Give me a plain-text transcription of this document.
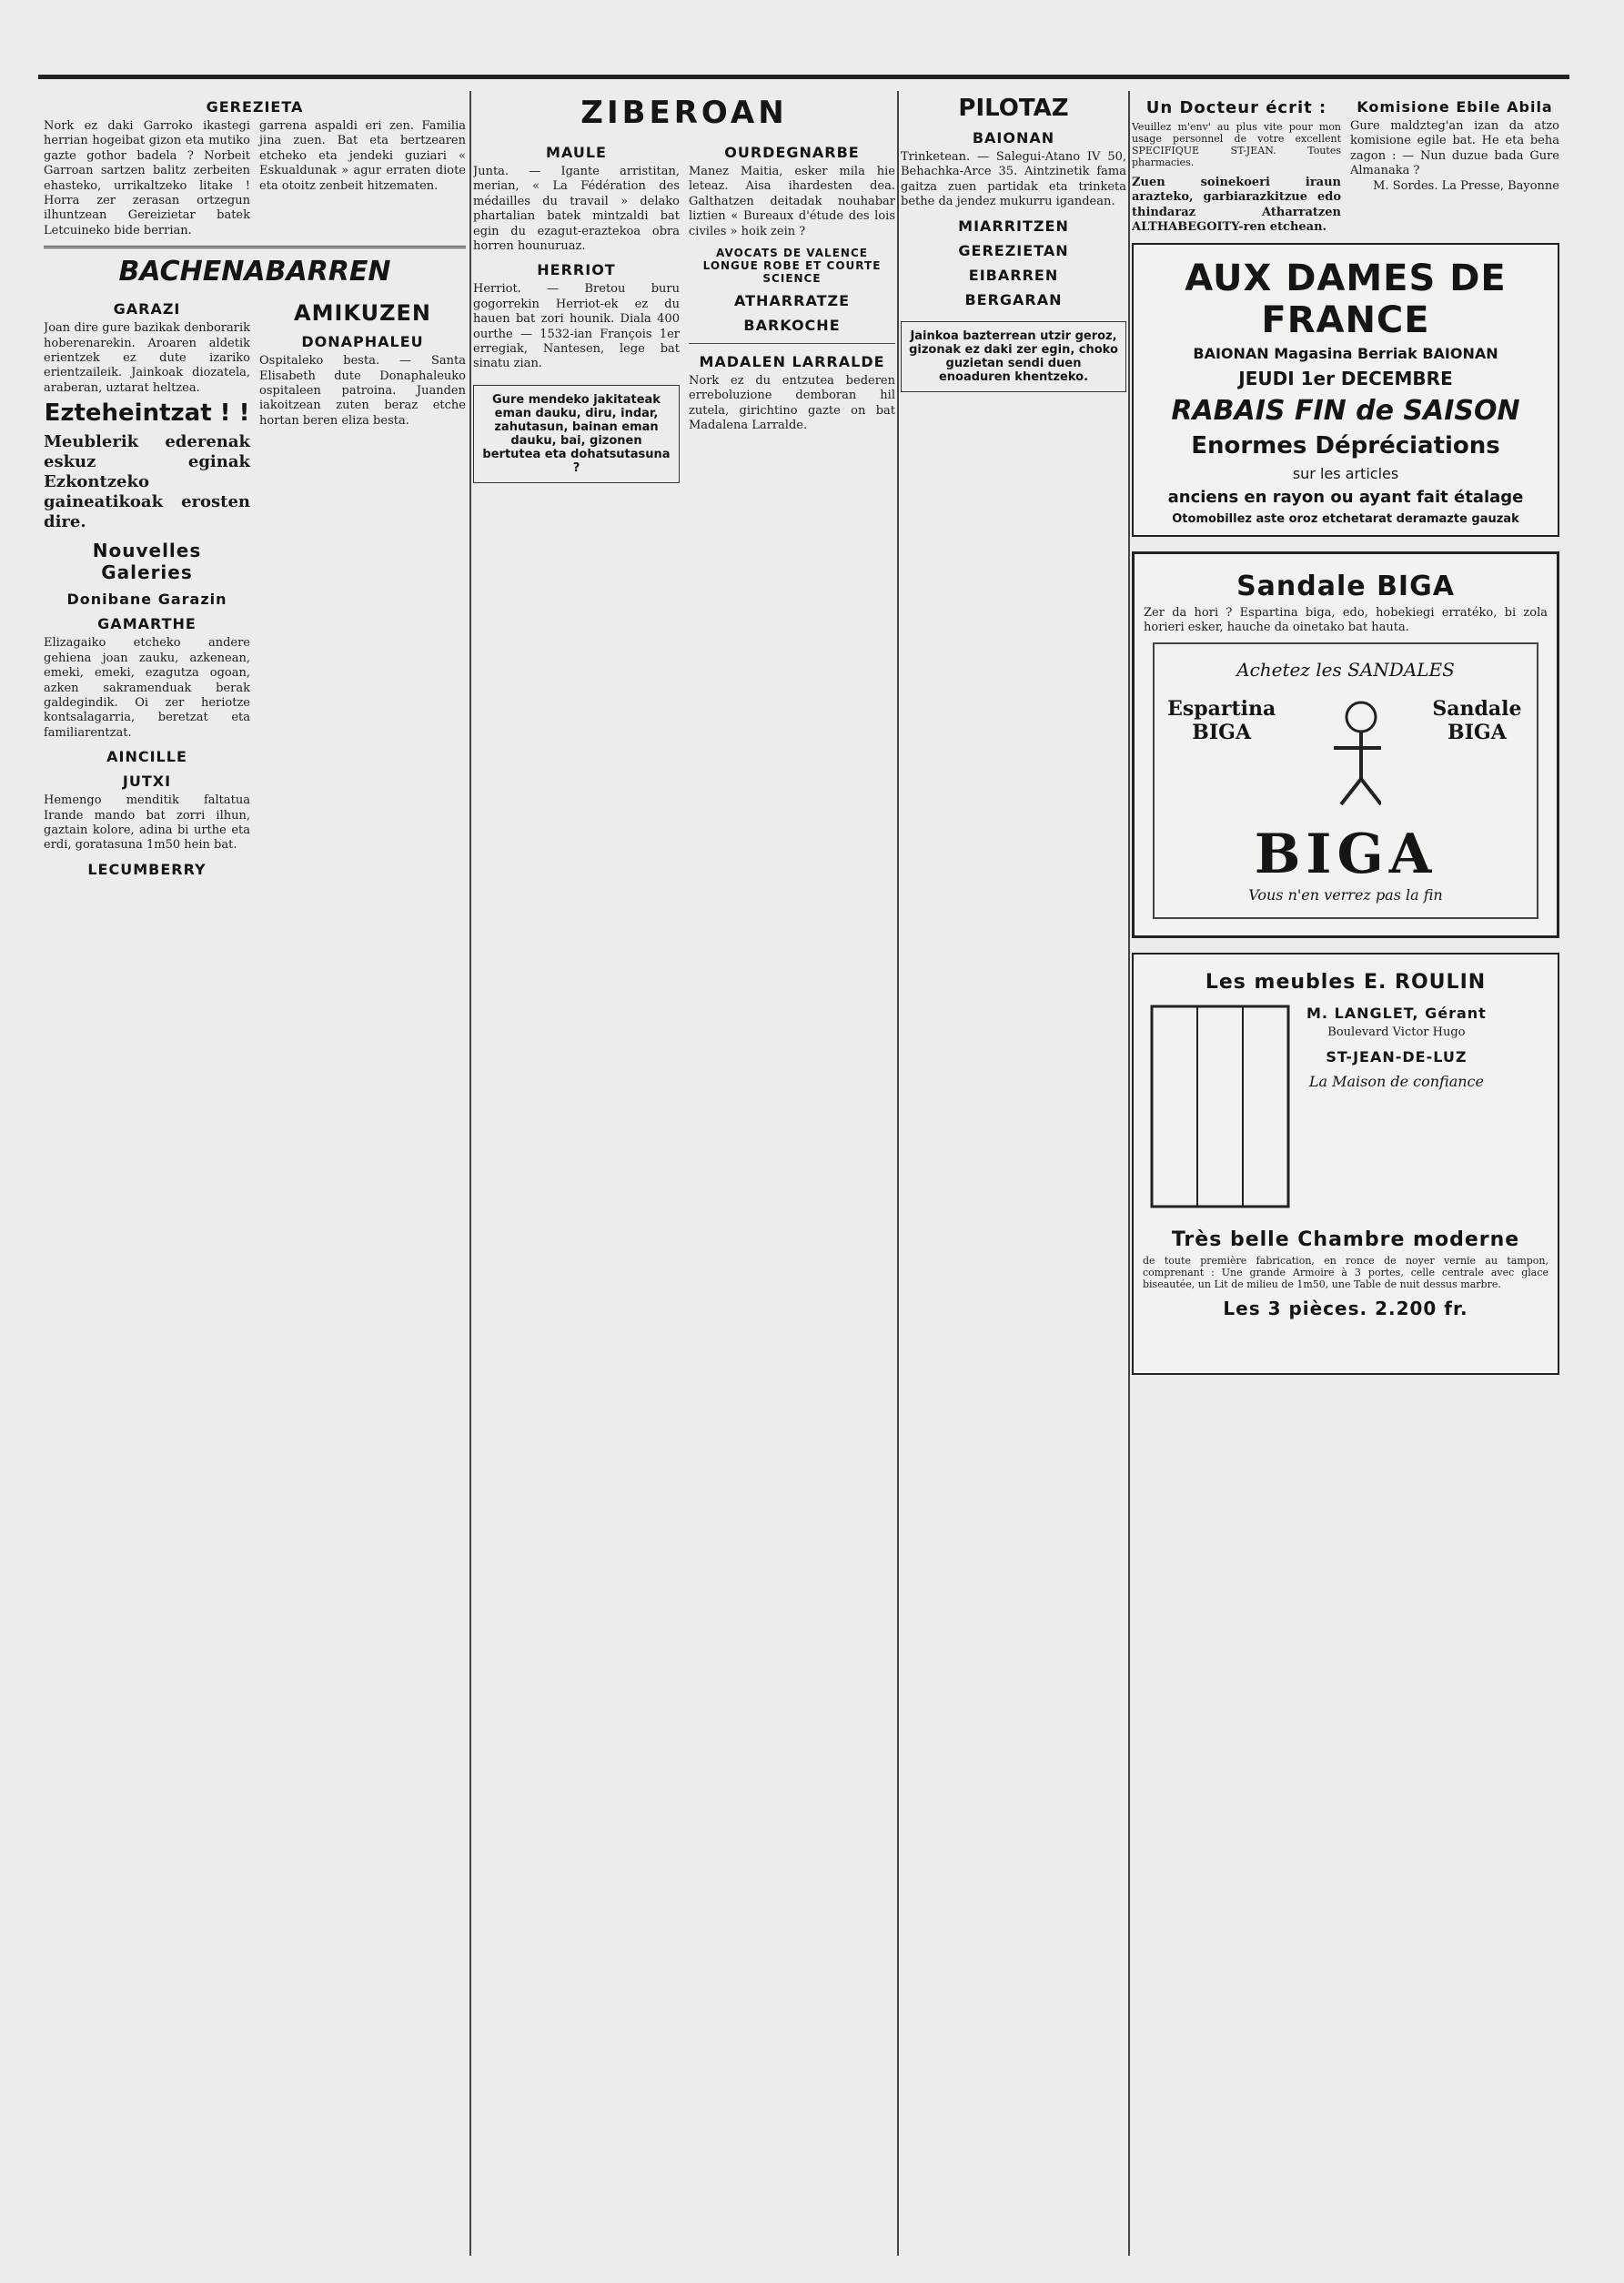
GEREZIETA
Nork ez daki Garroko ikastegi herrian hogeibat gizon eta mutiko gazte gothor badela ? Norbeit Garroan sartzen balitz zerbeiten ehasteko, urrikaltzeko litake ! Horra zer zerasan ortzegun ilhuntzean Gereizietar batek Letcuineko bide berrian.
garrena aspaldi eri zen. Familia jina zuen. Bat eta bertzearen etcheko eta jendeki guziari « Eskualdunak » agur erraten diote eta otoitz zenbeit hitzematen.
BACHENABARREN
GARAZI
Joan dire gure bazikak denborarik hoberenarekin. Aroaren aldetik erientzek ez dute izariko erientzaileik. Jainkoak diozatela, araberan, uztarat heltzea.
Ezteheintzat ! !
Meublerik ederenak eskuz eginak Ezkontzeko gaineatikoak erosten dire.
Nouvelles Galeries
Donibane Garazin
GAMARTHE
Elizagaiko etcheko andere gehiena joan zauku, azkenean, emeki, emeki, ezagutza ogoan, azken sakramenduak berak galdegindik. Oi zer heriotze kontsalagarria, beretzat eta familiarentzat.
AINCILLE
JUTXI
Hemengo menditik faltatua Irande mando bat zorri ilhun, gaztain kolore, adina bi urthe eta erdi, goratasuna 1m50 hein bat.
LECUMBERRY
AMIKUZEN
DONAPHALEU
Ospitaleko besta. — Santa Elisabeth dute Donaphaleuko ospitaleen patroina. Juanden iakoitzean zuten beraz etche hortan beren eliza besta.
ZIBEROAN
MAULE
Junta. — Igante arristitan, merian, « La Fédération des médailles du travail » delako phartalian batek mintzaldi bat egin du ezagut-eraztekoa obra horren hounuruaz.
HERRIOT
Herriot. — Bretou buru gogorrekin Herriot-ek ez du hauen bat zori hounik. Diala 400 ourthe — 1532-ian François 1er erregiak, Nantesen, lege bat sinatu zian.
Gure mendeko jakitateak eman dauku, diru, indar, zahutasun, bainan eman dauku, bai, gizonen bertutea eta dohatsutasuna ?
OURDEGNARBE
Manez Maitia, esker mila hie leteaz. Aisa ihardesten dea. Galthatzen deitadak nouhabar liztien « Bureaux d'étude des lois civiles » hoik zein ?
AVOCATS DE VALENCE LONGUE ROBE ET COURTE SCIENCE
ATHARRATZE
BARKOCHE
MADALEN LARRALDE
Nork ez du entzutea bederen erreboluzione demboran hil zutela, girichtino gazte on bat Madalena Larralde.
PILOTAZ
BAIONAN
Trinketean. — Salegui-Atano IV 50, Behachka-Arce 35. Aintzinetik fama gaitza zuen partidak eta trinketa bethe da jendez mukurru igandean.
MIARRITZEN
GEREZIETAN
EIBARREN
BERGARAN
Jainkoa bazterrean utzir geroz, gizonak ez daki zer egin, choko guzietan sendi duen enoaduren khentzeko.
Un Docteur écrit :
Veuillez m'env' au plus vite pour mon usage personnel de votre excellent SPECIFIQUE ST-JEAN. Toutes pharmacies.
Zuen soinekoeri iraun arazteko, garbiarazkitzue edo thindaraz Atharratzen ALTHABEGOITY-ren etchean.
Komisione Ebile Abila
Gure maldzteg'an izan da atzo komisione egile bat. He eta beha zagon : — Nun duzue bada Gure Almanaka ?
M. Sordes. La Presse, Bayonne
AUX DAMES DE FRANCE
BAIONAN Magasina Berriak BAIONAN
JEUDI 1er DECEMBRE
RABAIS FIN de SAISON
Enormes Dépréciations
sur les articles
anciens en rayon ou ayant fait étalage
Otomobillez aste oroz etchetarat deramazte gauzak
Sandale BIGA
Zer da hori ? Espartina biga, edo, hobekiegi erratéko, bi zola horieri esker, hauche da oinetako bat hauta.
Achetez les SANDALES
Espartina BIGA
Sandale BIGA
BIGA
Vous n'en verrez pas la fin
Les meubles E. ROULIN
M. LANGLET, Gérant
Boulevard Victor Hugo
ST-JEAN-DE-LUZ
La Maison de confiance
Très belle Chambre moderne
de toute première fabrication, en ronce de noyer vernie au tampon, comprenant : Une grande Armoire à 3 portes, celle centrale avec glace biseautée, un Lit de milieu de 1m50, une Table de nuit dessus marbre.
Les 3 pièces. 2.200 fr.
